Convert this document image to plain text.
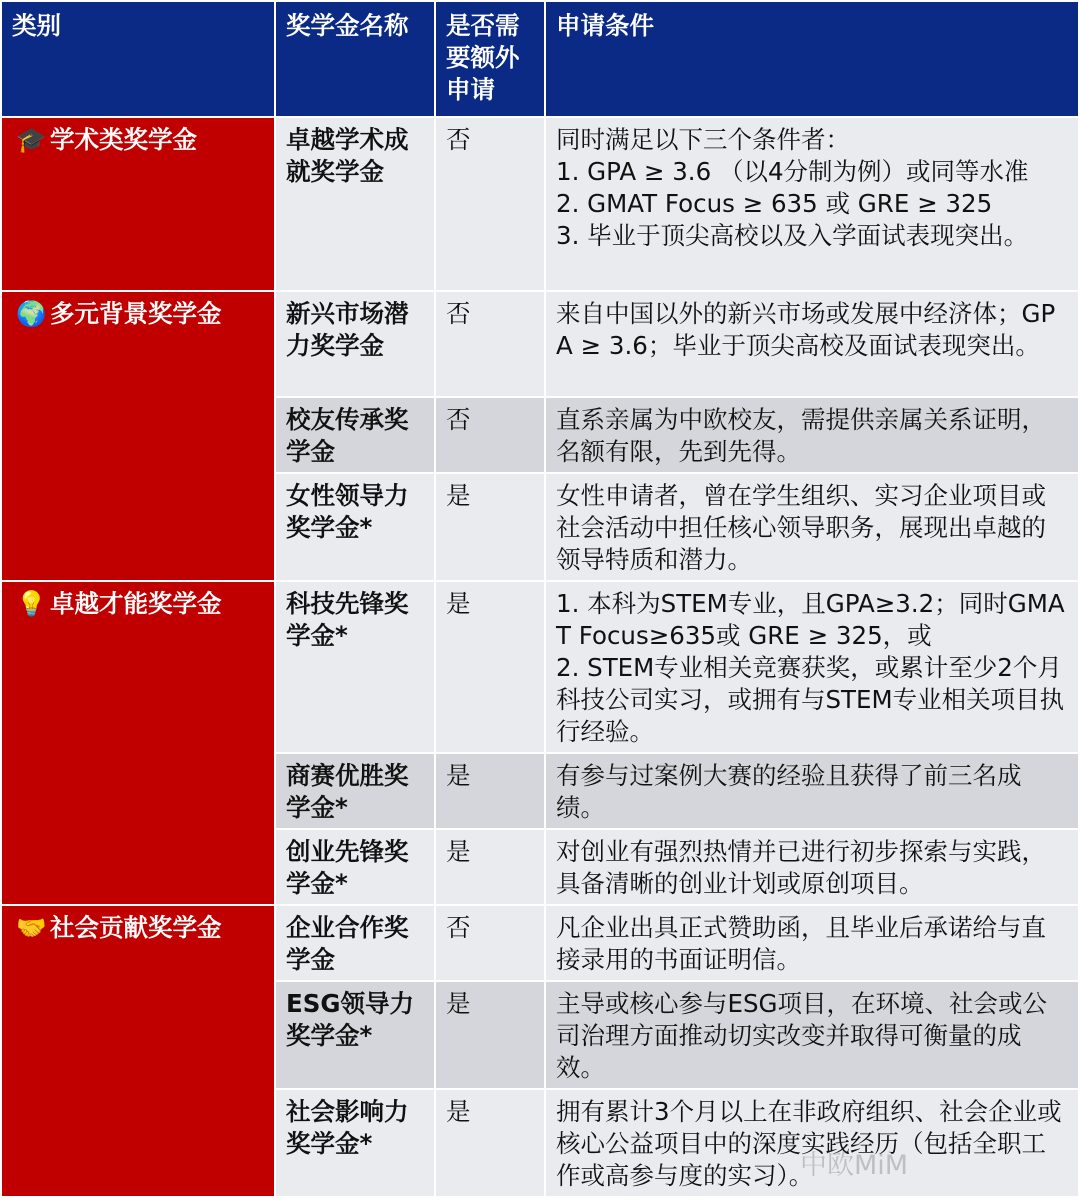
类别	奖学金名称	是否需要额外申请	申请条件
🎓 学术类奖学金	卓越学术成就奖学金	否	同时满足以下三个条件者：
1. GPA ≥ 3.6 （以4分制为例）或同等水准
2. GMAT Focus ≥ 635 或 GRE ≥ 325
3. 毕业于顶尖高校以及入学面试表现突出。

🌍 多元背景奖学金	新兴市场潜力奖学金	否	来自中国以外的新兴市场或发展中经济体；GPA ≥ 3.6；毕业于顶尖高校及面试表现突出。

	校友传承奖学金	否	直系亲属为中欧校友，需提供亲属关系证明，名额有限，先到先得。

	女性领导力奖学金*	是	女性申请者，曾在学生组织、实习企业项目或社会活动中担任核心领导职务，展现出卓越的领导特质和潜力。

💡 卓越才能奖学金	科技先锋奖学金*	是	1. 本科为STEM专业，且GPA≥3.2；同时GMAT Focus≥635或 GRE ≥ 325，或
2. STEM专业相关竞赛获奖，或累计至少2个月科技公司实习，或拥有与STEM专业相关项目执行经验。

	商赛优胜奖学金*	是	有参与过案例大赛的经验且获得了前三名成绩。

	创业先锋奖学金*	是	对创业有强烈热情并已进行初步探索与实践，具备清晰的创业计划或原创项目。

🤝 社会贡献奖学金	企业合作奖学金	否	凡企业出具正式赞助函，且毕业后承诺给与直接录用的书面证明信。

	ESG领导力奖学金*	是	主导或核心参与ESG项目，在环境、社会或公司治理方面推动切实改变并取得可衡量的成效。

	社会影响力奖学金*	是	拥有累计3个月以上在非政府组织、社会企业或核心公益项目中的深度实践经历（包括全职工作或高参与度的实习）。
中欧MiM
